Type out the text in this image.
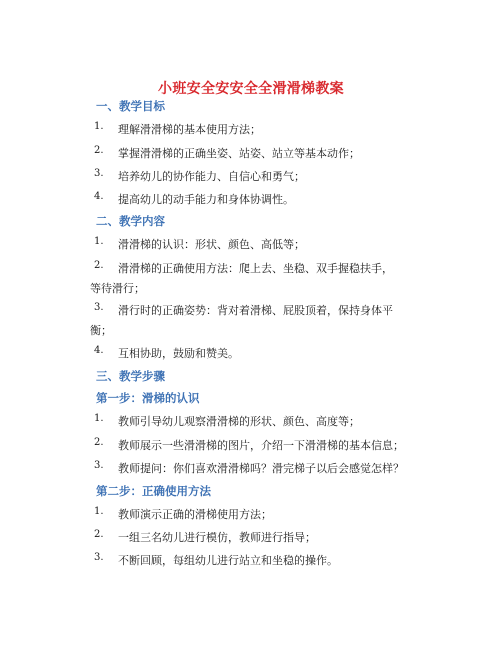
小班安全安安全全滑滑梯教案
一、教学目标
1. 理解滑滑梯的基本使用方法；
2. 掌握滑滑梯的正确坐姿、站姿、站立等基本动作；
3. 培养幼儿的协作能力、自信心和勇气；
4. 提高幼儿的动手能力和身体协调性。
二、教学内容
1. 滑滑梯的认识：形状、颜色、高低等；
2. 滑滑梯的正确使用方法：爬上去、坐稳、双手握稳扶手，
等待滑行；
3. 滑行时的正确姿势：背对着滑梯、屁股顶着，保持身体平
衡；
4. 互相协助，鼓励和赞美。
三、教学步骤
第一步：滑梯的认识
1. 教师引导幼儿观察滑滑梯的形状、颜色、高度等；
2. 教师展示一些滑滑梯的图片，介绍一下滑滑梯的基本信息；
3. 教师提问：你们喜欢滑滑梯吗？滑完梯子以后会感觉怎样？
第二步：正确使用方法
1. 教师演示正确的滑梯使用方法；
2. 一组三名幼儿进行模仿，教师进行指导；
3. 不断回顾，每组幼儿进行站立和坐稳的操作。
